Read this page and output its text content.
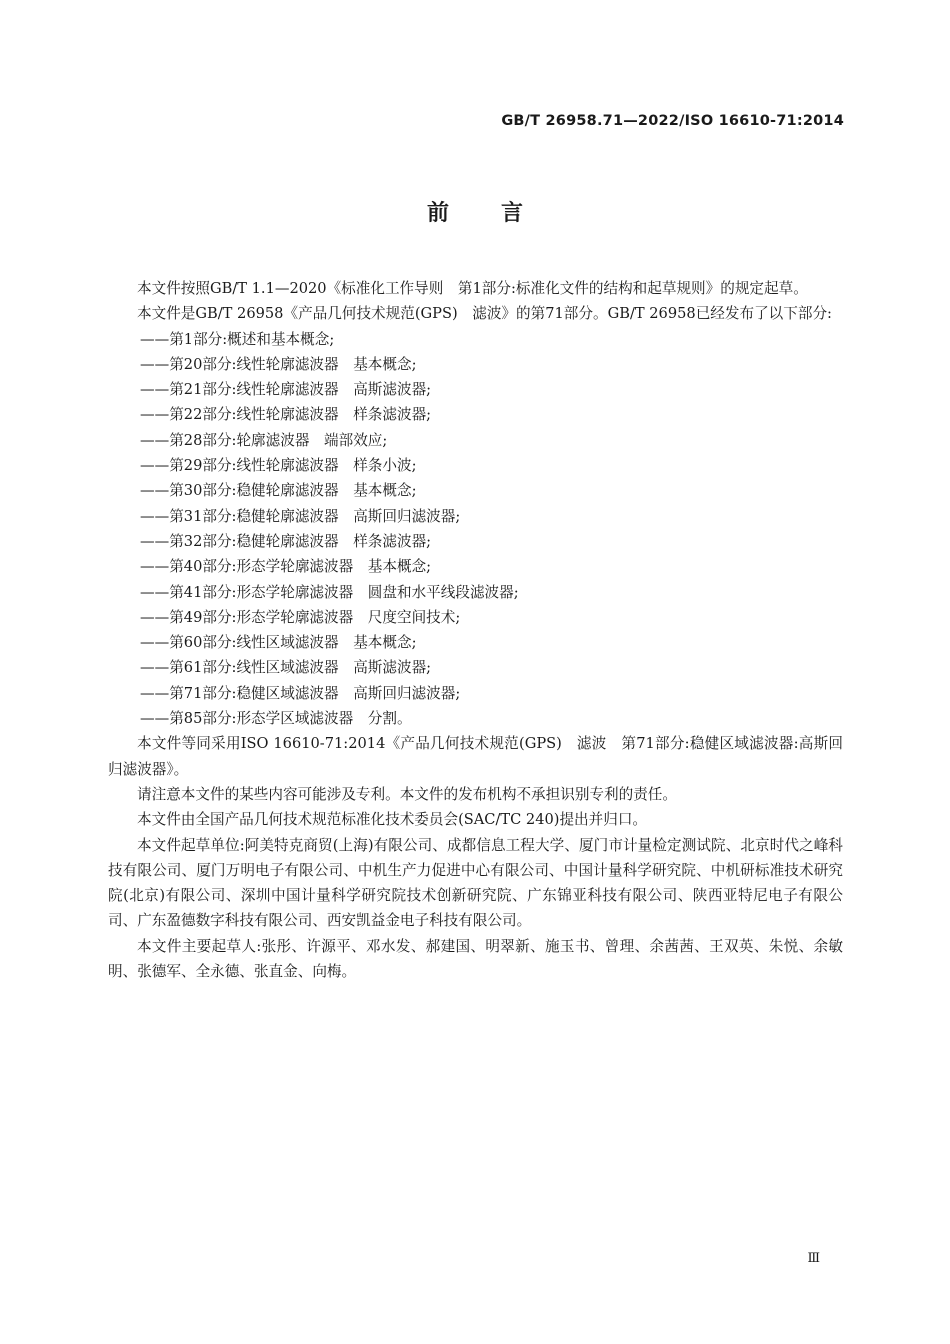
GB/T 26958.71—2022/ISO 16610-71:2014
前 言

本文件按照GB/T 1.1—2020《标准化工作导则　第1部分:标准化文件的结构和起草规则》的规定起草。

本文件是GB/T 26958《产品几何技术规范(GPS)　滤波》的第71部分。GB/T 26958已经发布了以下部分:

——第1部分:概述和基本概念;

——第20部分:线性轮廓滤波器　基本概念;

——第21部分:线性轮廓滤波器　高斯滤波器;

——第22部分:线性轮廓滤波器　样条滤波器;

——第28部分:轮廓滤波器　端部效应;

——第29部分:线性轮廓滤波器　样条小波;

——第30部分:稳健轮廓滤波器　基本概念;

——第31部分:稳健轮廓滤波器　高斯回归滤波器;

——第32部分:稳健轮廓滤波器　样条滤波器;

——第40部分:形态学轮廓滤波器　基本概念;

——第41部分:形态学轮廓滤波器　圆盘和水平线段滤波器;

——第49部分:形态学轮廓滤波器　尺度空间技术;

——第60部分:线性区域滤波器　基本概念;

——第61部分:线性区域滤波器　高斯滤波器;

——第71部分:稳健区域滤波器　高斯回归滤波器;

——第85部分:形态学区域滤波器　分割。

本文件等同采用ISO 16610-71:2014《产品几何技术规范(GPS)　滤波　第71部分:稳健区域滤波器:高斯回归滤波器》。

请注意本文件的某些内容可能涉及专利。本文件的发布机构不承担识别专利的责任。

本文件由全国产品几何技术规范标准化技术委员会(SAC/TC 240)提出并归口。

本文件起草单位:阿美特克商贸(上海)有限公司、成都信息工程大学、厦门市计量检定测试院、北京时代之峰科技有限公司、厦门万明电子有限公司、中机生产力促进中心有限公司、中国计量科学研究院、中机研标准技术研究院(北京)有限公司、深圳中国计量科学研究院技术创新研究院、广东锦亚科技有限公司、陕西亚特尼电子有限公司、广东盈德数字科技有限公司、西安凯益金电子科技有限公司。

本文件主要起草人:张彤、许源平、邓水发、郝建国、明翠新、施玉书、曾理、余茜茜、王双英、朱悦、余敏明、张德军、全永德、张直金、向梅。

Ⅲ
